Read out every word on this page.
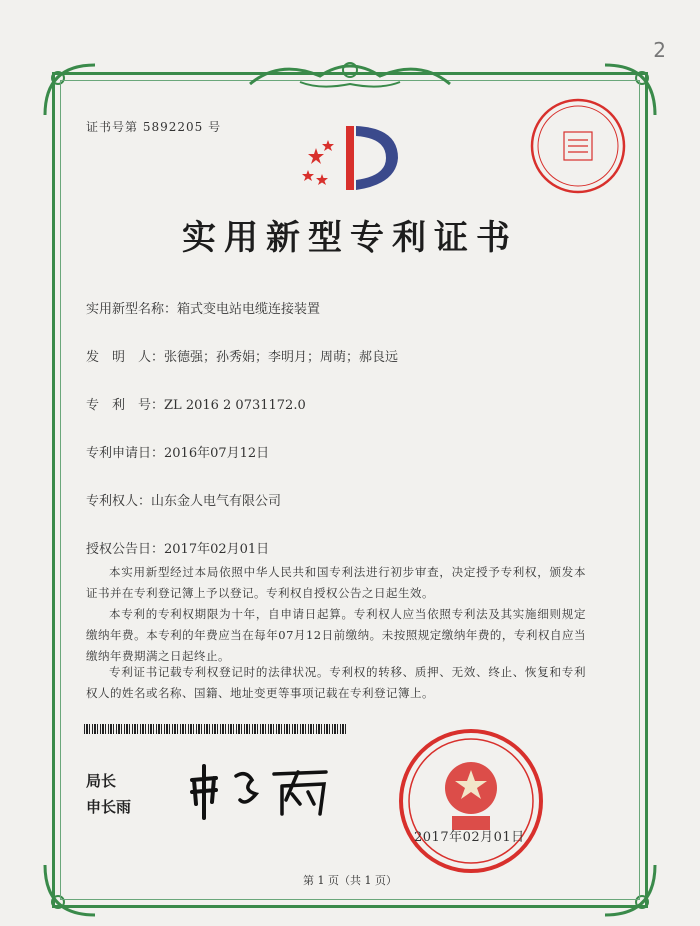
2
证书号第 5892205 号
实用新型专利证书
实用新型名称：箱式变电站电缆连接装置
发　明　人：张德强；孙秀娟；李明月；周萌；郝良远
专　利　号：ZL 2016 2 0731172.0
专利申请日：2016年07月12日
专利权人：山东金人电气有限公司
授权公告日：2017年02月01日
本实用新型经过本局依照中华人民共和国专利法进行初步审查，决定授予专利权，颁发本证书并在专利登记簿上予以登记。专利权自授权公告之日起生效。
本专利的专利权期限为十年，自申请日起算。专利权人应当依照专利法及其实施细则规定缴纳年费。本专利的年费应当在每年07月12日前缴纳。未按照规定缴纳年费的，专利权自应当缴纳年费期满之日起终止。
专利证书记载专利权登记时的法律状况。专利权的转移、质押、无效、终止、恢复和专利权人的姓名或名称、国籍、地址变更等事项记载在专利登记簿上。
局长
申长雨
2017年02月01日
第 1 页（共 1 页）
